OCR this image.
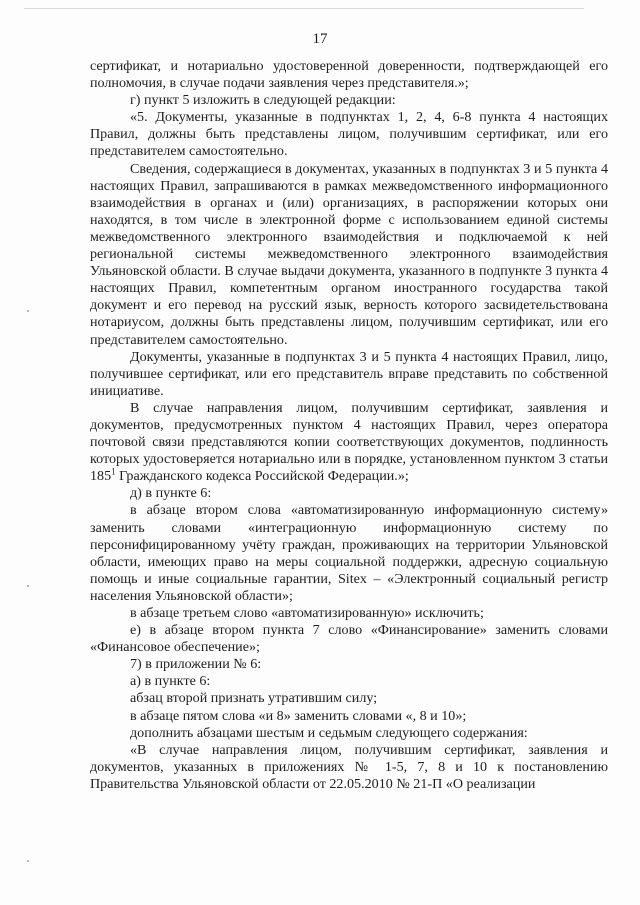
17

сертификат, и нотариально удостоверенной доверенности, подтверждающей его полномочия, в случае подачи заявления через представителя.»;

г) пункт 5 изложить в следующей редакции:

«5. Документы, указанные в подпунктах 1, 2, 4, 6-8 пункта 4 настоящих Правил, должны быть представлены лицом, получившим сертификат, или его представителем самостоятельно.

Сведения, содержащиеся в документах, указанных в подпунктах 3 и 5 пункта 4 настоящих Правил, запрашиваются в рамках межведомственного информационного взаимодействия в органах и (или) организациях, в распоряжении которых они находятся, в том числе в электронной форме с использованием единой системы межведомственного электронного взаимодействия и подключаемой к ней региональной системы межведомственного электронного взаимодействия Ульяновской области. В случае выдачи документа, указанного в подпункте 3 пункта 4 настоящих Правил, компетентным органом иностранного государства такой документ и его перевод на русский язык, верность которого засвидетельствована нотариусом, должны быть представлены лицом, получившим сертификат, или его представителем самостоятельно.

Документы, указанные в подпунктах 3 и 5 пункта 4 настоящих Правил, лицо, получившее сертификат, или его представитель вправе представить по собственной инициативе.

В случае направления лицом, получившим сертификат, заявления и документов, предусмотренных пунктом 4 настоящих Правил, через оператора почтовой связи представляются копии соответствующих документов, подлинность которых удостоверяется нотариально или в порядке, установленном пунктом 3 статьи $185^1$ Гражданского кодекса Российской Федерации.»;

д) в пункте 6:

в абзаце втором слова «автоматизированную информационную систему» заменить словами «интеграционную информационную систему по персонифицированному учёту граждан, проживающих на территории Ульяновской области, имеющих право на меры социальной поддержки, адресную социальную помощь и иные социальные гарантии, Sitex – «Электронный социальный регистр населения Ульяновской области»;

в абзаце третьем слово «автоматизированную» исключить;

е) в абзаце втором пункта 7 слово «Финансирование» заменить словами «Финансовое обеспечение»;

7) в приложении № 6:

а) в пункте 6:

абзац второй признать утратившим силу;

в абзаце пятом слова «и 8» заменить словами «, 8 и 10»;

дополнить абзацами шестым и седьмым следующего содержания:

«В случае направления лицом, получившим сертификат, заявления и документов, указанных в приложениях № 1-5, 7, 8 и 10 к постановлению Правительства Ульяновской области от 22.05.2010 № 21-П «О реализации
